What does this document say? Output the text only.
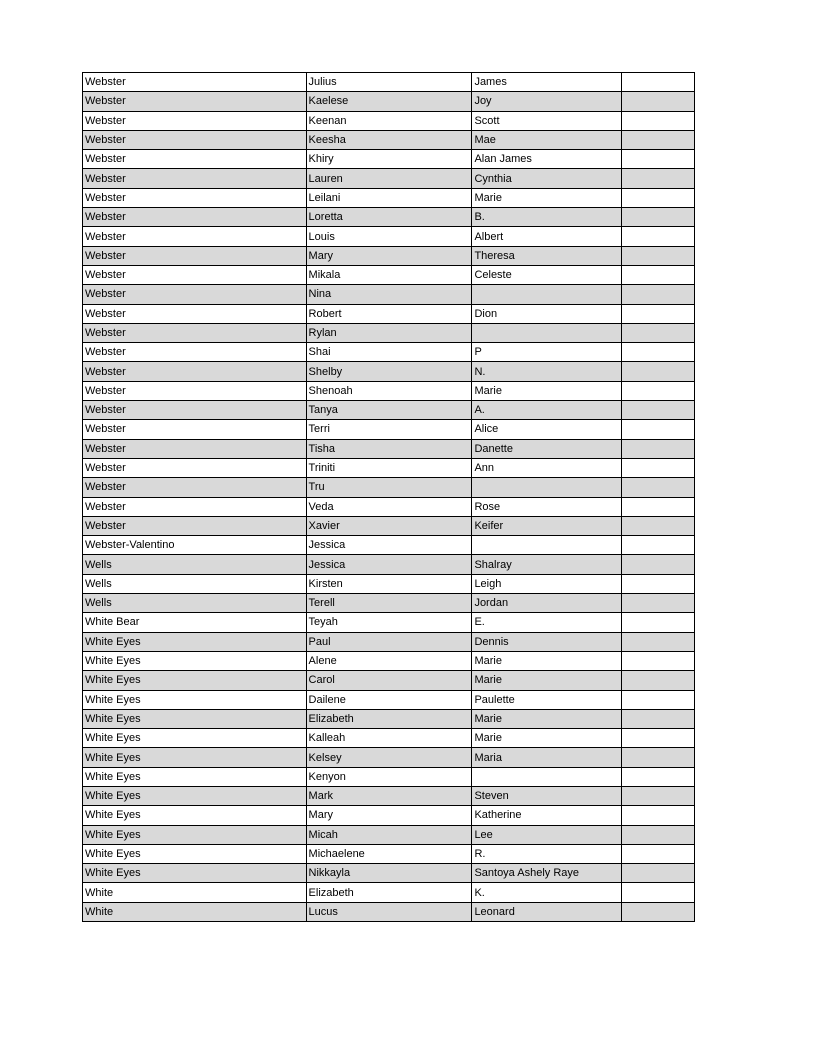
Webster	Julius	James	
Webster	Kaelese	Joy	
Webster	Keenan	Scott	
Webster	Keesha	Mae	
Webster	Khiry	Alan James	
Webster	Lauren	Cynthia	
Webster	Leilani	Marie	
Webster	Loretta	B.	
Webster	Louis	Albert	
Webster	Mary	Theresa	
Webster	Mikala	Celeste	
Webster	Nina		
Webster	Robert	Dion	
Webster	Rylan		
Webster	Shai	P	
Webster	Shelby	N.	
Webster	Shenoah	Marie	
Webster	Tanya	A.	
Webster	Terri	Alice	
Webster	Tisha	Danette	
Webster	Triniti	Ann	
Webster	Tru		
Webster	Veda	Rose	
Webster	Xavier	Keifer	
Webster-Valentino	Jessica		
Wells	Jessica	Shalray	
Wells	Kirsten	Leigh	
Wells	Terell	Jordan	
White Bear	Teyah	E.	
White Eyes	Paul	Dennis	
White Eyes	Alene	Marie	
White Eyes	Carol	Marie	
White Eyes	Dailene	Paulette	
White Eyes	Elizabeth	Marie	
White Eyes	Kalleah	Marie	
White Eyes	Kelsey	Maria	
White Eyes	Kenyon		
White Eyes	Mark	Steven	
White Eyes	Mary	Katherine	
White Eyes	Micah	Lee	
White Eyes	Michaelene	R.	
White Eyes	Nikkayla	Santoya Ashely Raye	
White	Elizabeth	K.	
White	Lucus	Leonard	
